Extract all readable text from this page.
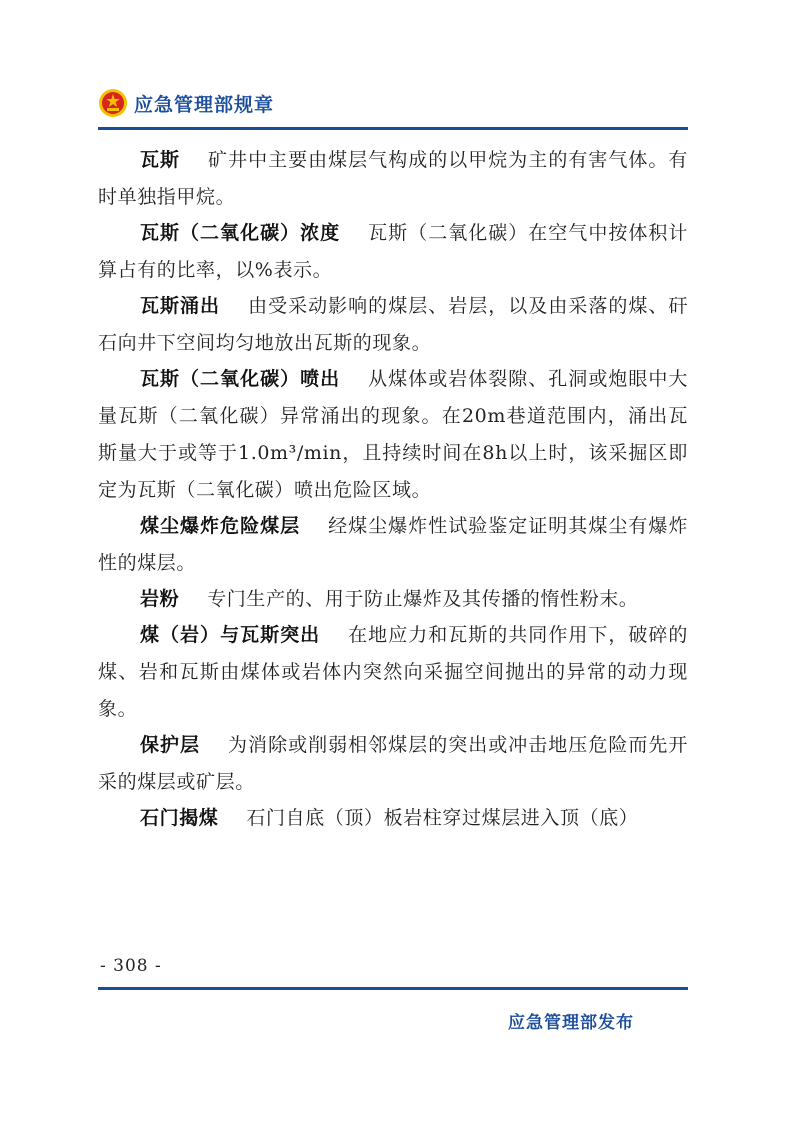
应急管理部规章

瓦斯 矿井中主要由煤层气构成的以甲烷为主的有害气体。有时单独指甲烷。

瓦斯（二氧化碳）浓度 瓦斯（二氧化碳）在空气中按体积计算占有的比率，以%表示。

瓦斯涌出 由受采动影响的煤层、岩层，以及由采落的煤、矸石向井下空间均匀地放出瓦斯的现象。

瓦斯（二氧化碳）喷出 从煤体或岩体裂隙、孔洞或炮眼中大量瓦斯（二氧化碳）异常涌出的现象。在20m巷道范围内，涌出瓦斯量大于或等于1.0m³/min，且持续时间在8h以上时，该采掘区即定为瓦斯（二氧化碳）喷出危险区域。

煤尘爆炸危险煤层 经煤尘爆炸性试验鉴定证明其煤尘有爆炸性的煤层。

岩粉 专门生产的、用于防止爆炸及其传播的惰性粉末。

煤（岩）与瓦斯突出 在地应力和瓦斯的共同作用下，破碎的煤、岩和瓦斯由煤体或岩体内突然向采掘空间抛出的异常的动力现象。

保护层 为消除或削弱相邻煤层的突出或冲击地压危险而先开采的煤层或矿层。

石门揭煤 石门自底（顶）板岩柱穿过煤层进入顶（底）

- 308 -
应急管理部发布
